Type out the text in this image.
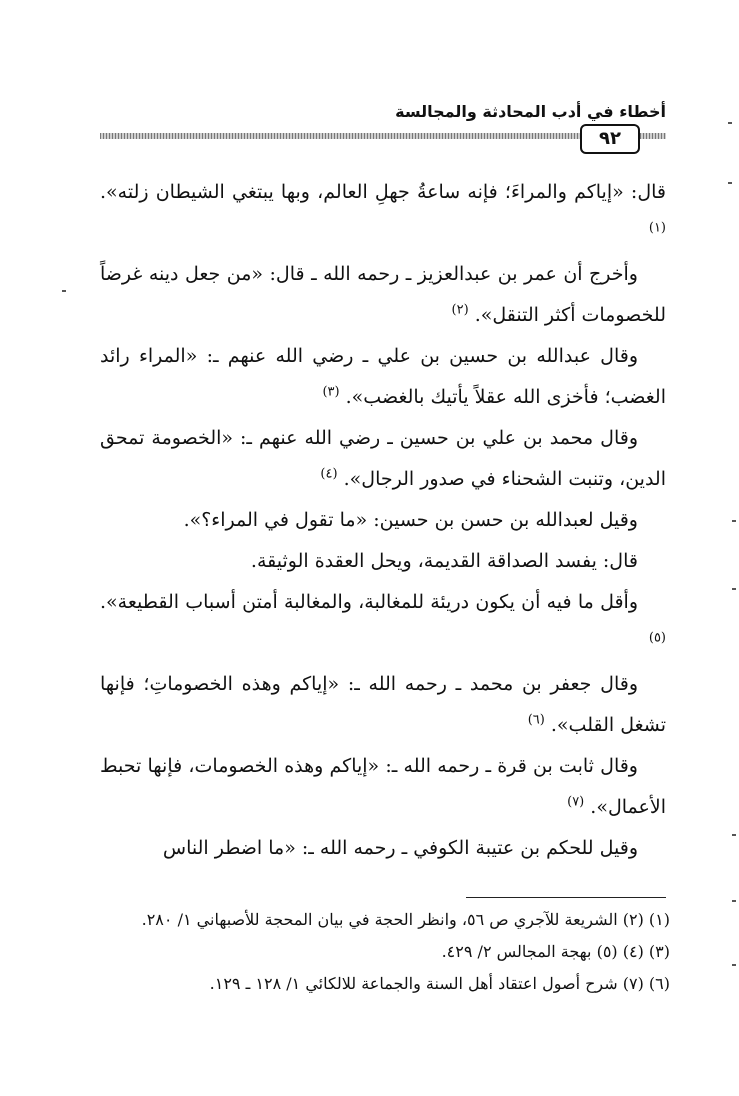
أخطاء في أدب المحادثة والمجالسة
٩٢

قال: «إياكم والمراءَ؛ فإنه ساعةُ جهلِ العالم، وبها يبتغي الشيطان زلته». $^{(١)}$

وأخرج أن عمر بن عبدالعزيز ـ رحمه الله ـ قال: «من جعل دينه غرضاً للخصومات أكثر التنقل». $^{(٢)}$

وقال عبدالله بن حسين بن علي ـ رضي الله عنهم ـ: «المراء رائد الغضب؛ فأخزى الله عقلاً يأتيك بالغضب». $^{(٣)}$

وقال محمد بن علي بن حسين ـ رضي الله عنهم ـ: «الخصومة تمحق الدين، وتنبت الشحناء في صدور الرجال». $^{(٤)}$

وقيل لعبدالله بن حسن بن حسين: «ما تقول في المراء؟».

قال: يفسد الصداقة القديمة، ويحل العقدة الوثيقة.

وأقل ما فيه أن يكون دريئة للمغالبة، والمغالبة أمتن أسباب القطيعة». $^{(٥)}$

وقال جعفر بن محمد ـ رحمه الله ـ: «إياكم وهذه الخصوماتِ؛ فإنها تشغل القلب». $^{(٦)}$

وقال ثابت بن قرة ـ رحمه الله ـ: «إياكم وهذه الخصومات، فإنها تحبط الأعمال». $^{(٧)}$

وقيل للحكم بن عتيبة الكوفي ـ رحمه الله ـ: «ما اضطر الناس

(١) (٢) الشريعة للآجري ص ٥٦، وانظر الحجة في بيان المحجة للأصبهاني ١/ ٢٨٠.

(٣) (٤) (٥) بهجة المجالس ٢/ ٤٢٩.

(٦) (٧) شرح أصول اعتقاد أهل السنة والجماعة للالكائي ١/ ١٢٨ ـ ١٢٩.
